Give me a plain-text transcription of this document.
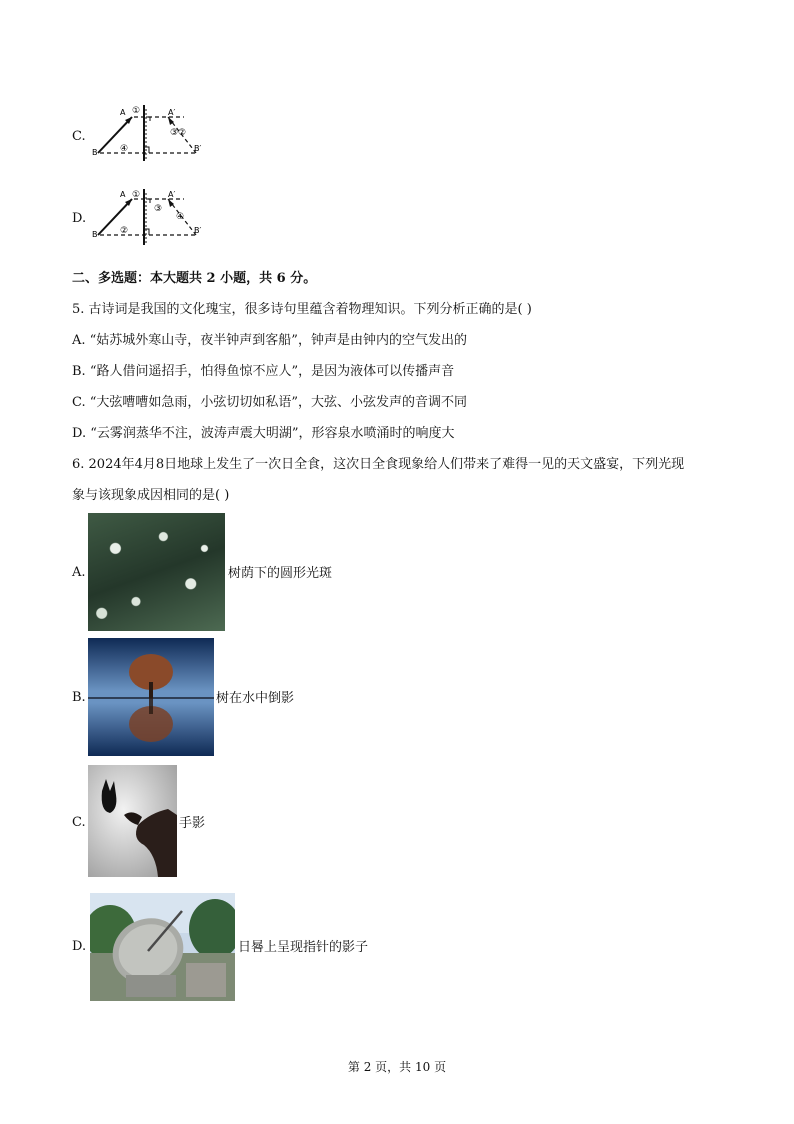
C.
A
B
A′
B′
①
②
③
④
D.
A
B
A′
B′
①
②
③
④
二、多选题：本大题共 2 小题，共 6 分。
5. 古诗词是我国的文化瑰宝，很多诗句里蕴含着物理知识。下列分析正确的是( )
A. “姑苏城外寒山寺，夜半钟声到客船”，钟声是由钟内的空气发出的
B. “路人借问遥招手，怕得鱼惊不应人”，是因为液体可以传播声音
C. “大弦嘈嘈如急雨，小弦切切如私语”，大弦、小弦发声的音调不同
D. “云雾润蒸华不注，波涛声震大明湖”，形容泉水喷涌时的响度大
6. 2024年4月8日地球上发生了一次日全食，这次日全食现象给人们带来了难得一见的天文盛宴，下列光现
象与该现象成因相同的是( )
A.	树荫下的圆形光斑
B.	树在水中倒影
C.	手影
D.	日晷上呈现指针的影子
第 2 页，共 10 页
